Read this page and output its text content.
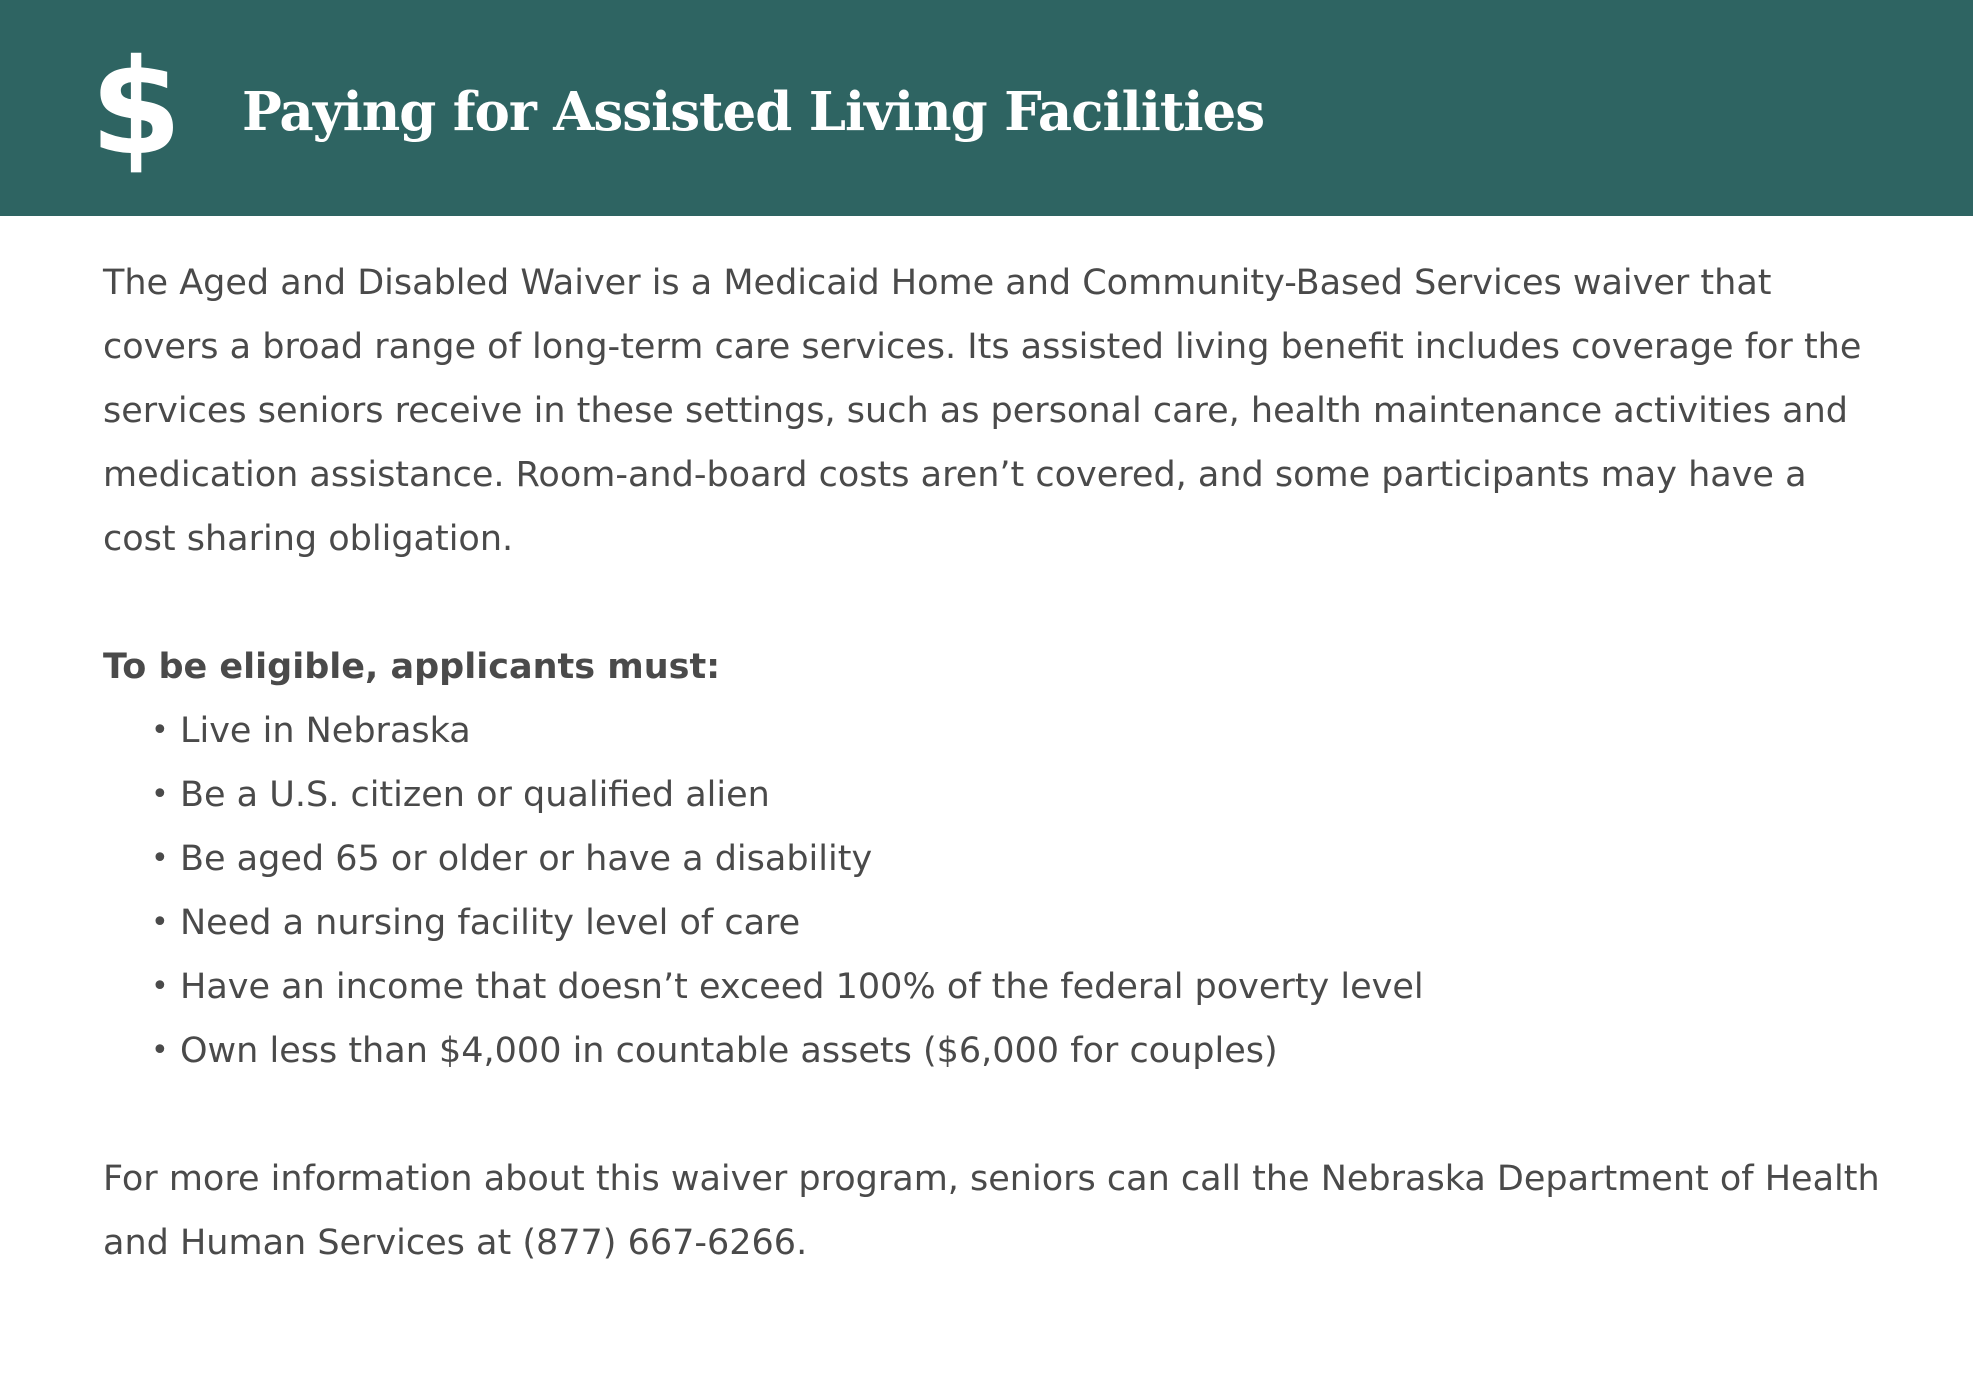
$ Paying for Assisted Living Facilities

The Aged and Disabled Waiver is a Medicaid Home and Community-Based Services waiver that covers a broad range of long-term care services. Its assisted living benefit includes coverage for the services seniors receive in these settings, such as personal care, health maintenance activities and medication assistance. Room-and-board costs aren’t covered, and some participants may have a cost sharing obligation.

To be eligible, applicants must:

• Live in Nebraska
• Be a U.S. citizen or qualified alien
• Be aged 65 or older or have a disability
• Need a nursing facility level of care
• Have an income that doesn’t exceed 100% of the federal poverty level
• Own less than $4,000 in countable assets ($6,000 for couples)

For more information about this waiver program, seniors can call the Nebraska Department of Health and Human Services at (877) 667-6266.
